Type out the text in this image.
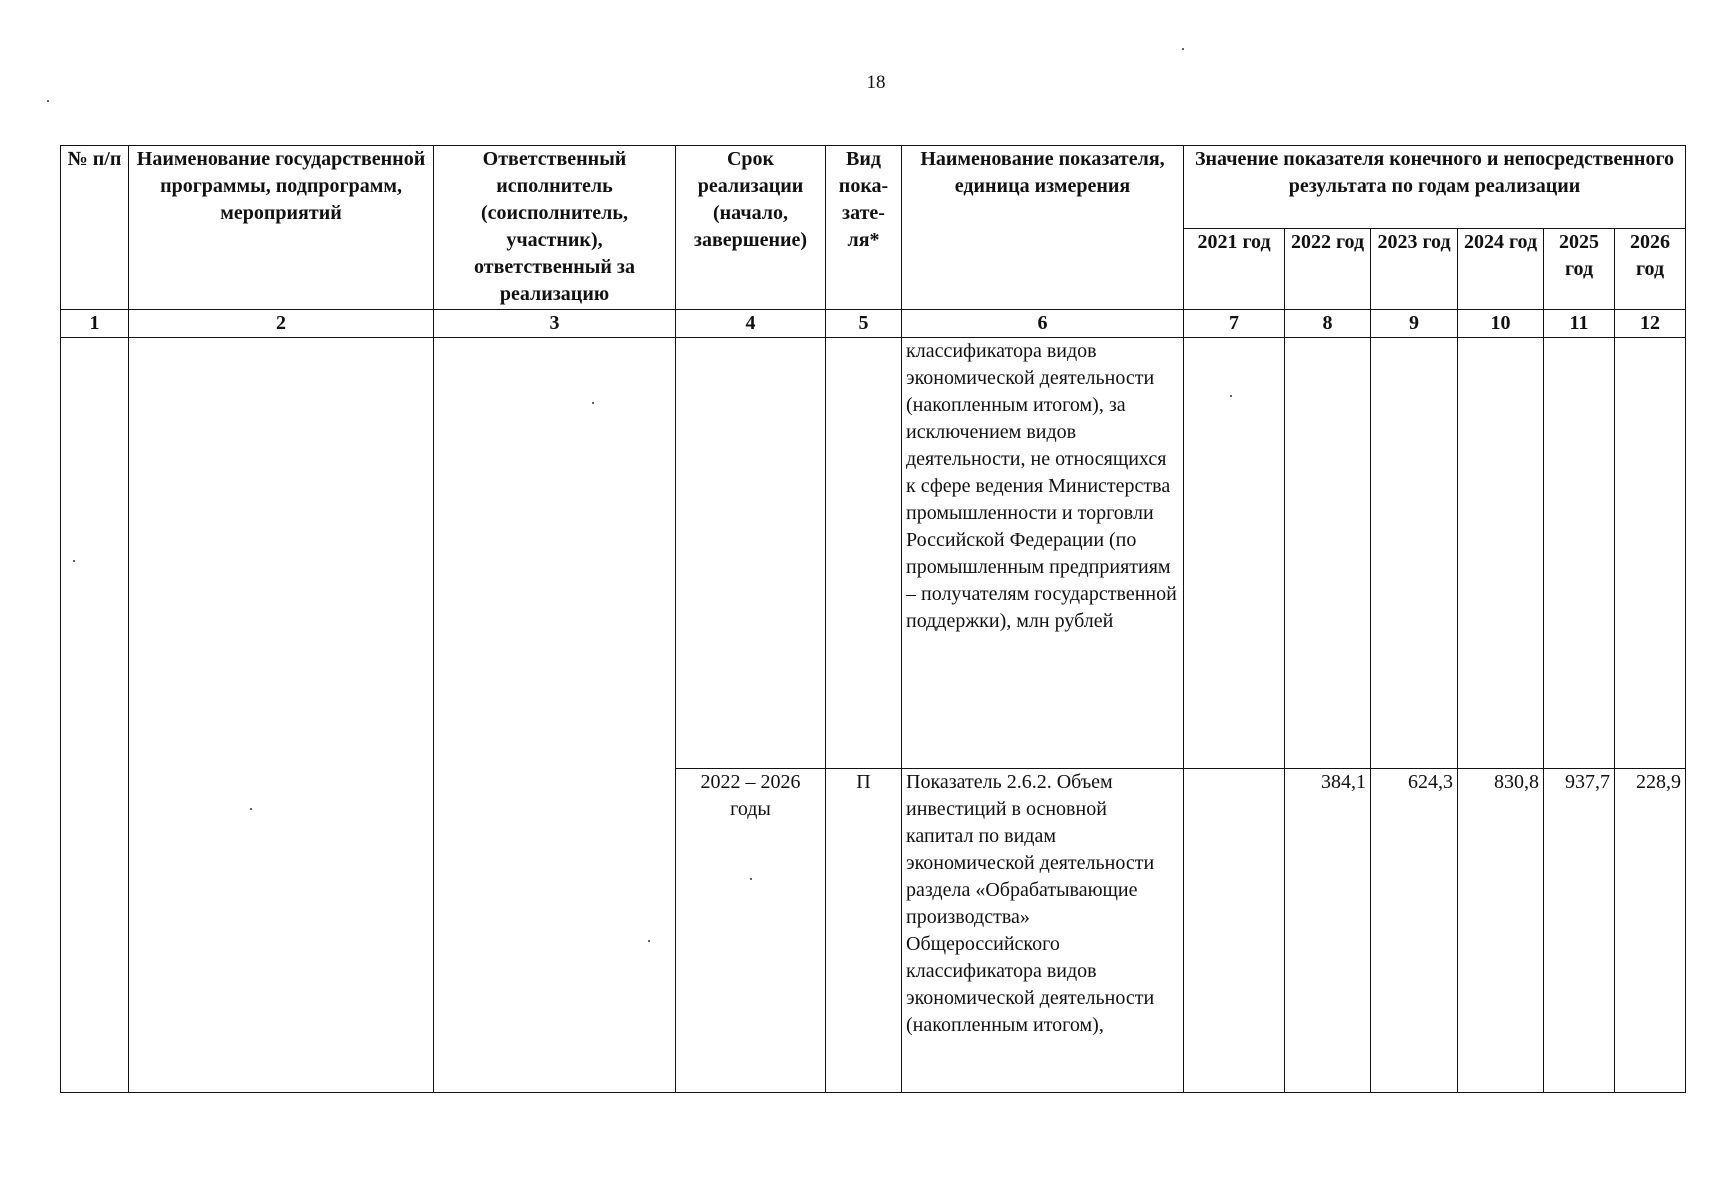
18
№ п/п	Наименование государственной программы, подпрограмм, мероприятий	Ответственный исполнитель (соисполнитель, участник), ответственный за реализацию	Срок реализации (начало, завершение)	Вид пока-зате-ля*	Наименование показателя, единица измерения	Значение показателя конечного и непосредственного результата по годам реализации					
						2021 год	2022 год	2023 год	2024 год	2025 год	2026 год
1	2	3	4	5	6	7	8	9	10	11	12
					классификатора видов экономической деятельности (накопленным итогом), за исключением видов деятельности, не относящихся к сфере ведения Министерства промышленности и торговли Российской Федерации (по промышленным предприятиям – получателям государственной поддержки), млн рублей						
			2022 – 2026 годы	П	Показатель 2.6.2. Объем инвестиций в основной капитал по видам экономической деятельности раздела «Обрабатывающие производства» Общероссийского классификатора видов экономической деятельности (накопленным итогом),		384,1	624,3	830,8	937,7	228,9
